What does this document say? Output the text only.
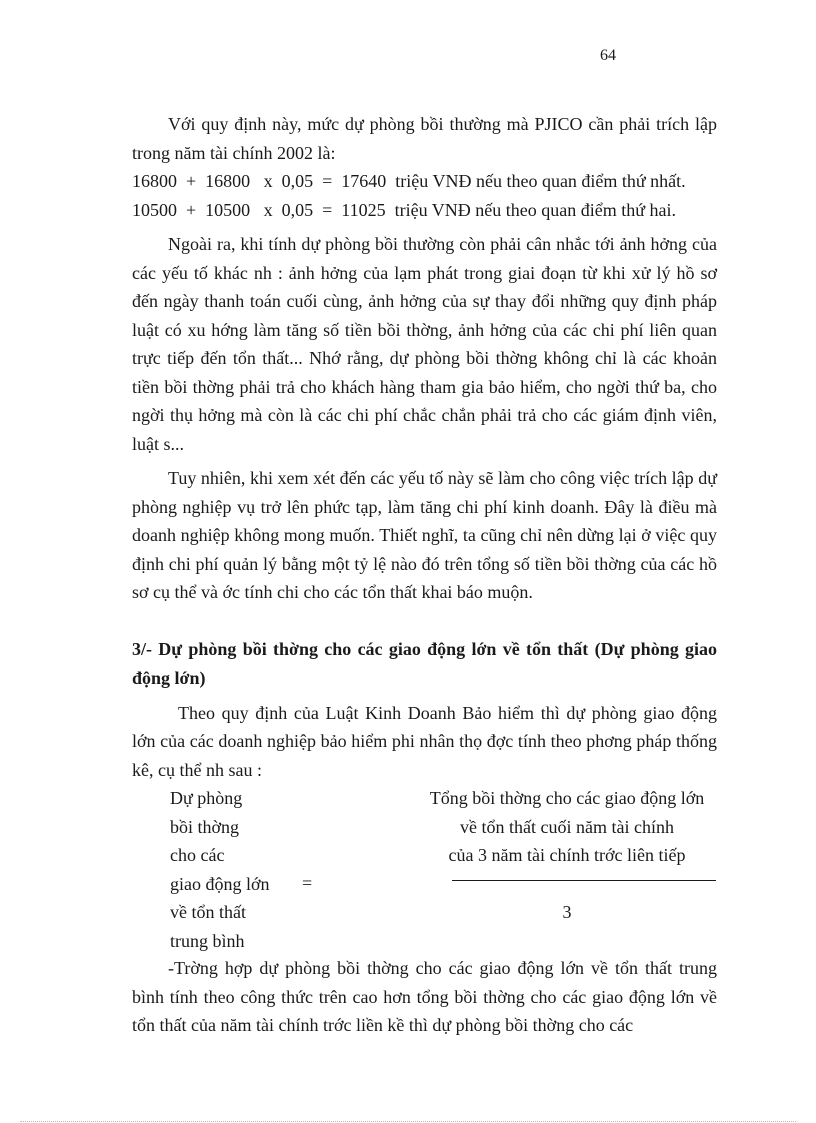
64

Với quy định này, mức dự phòng bồi thường mà PJICO cần phải trích lập trong năm tài chính 2002 là:

16800  +  16800   x  0,05  =  17640  triệu VNĐ nếu theo quan điểm thứ nhất.

10500  +  10500   x  0,05  =  11025  triệu VNĐ nếu theo quan điểm thứ hai.

Ngoài ra, khi tính dự phòng bồi thường còn phải cân nhắc tới ảnh hởng của các yếu tố khác nh : ảnh hởng của lạm phát trong giai đoạn từ khi xử lý hồ sơ đến ngày thanh toán cuối cùng, ảnh hởng của sự thay đổi những quy định pháp luật có xu hớng làm tăng số tiền bồi thờng, ảnh hởng của các chi phí liên quan trực tiếp đến tổn thất... Nhớ rằng, dự phòng bồi thờng không chỉ là các khoản tiền bồi thờng phải trả cho khách hàng tham gia bảo hiểm, cho ngời thứ ba, cho ngời thụ hởng mà còn là các chi phí chắc chắn phải trả cho các giám định viên, luật s...

Tuy nhiên, khi xem xét đến các yếu tố này sẽ làm cho công việc trích lập dự phòng nghiệp vụ trở lên phức tạp, làm tăng chi phí kinh doanh. Đây là điều mà doanh nghiệp không mong muốn. Thiết nghĩ, ta cũng chỉ nên dừng lại ở việc quy định chi phí quản lý bằng một tỷ lệ nào đó trên tổng số tiền bồi thờng của các hồ sơ cụ thể và ớc tính chi cho các tổn thất khai báo muộn.

3/- Dự phòng bồi thờng cho các giao động lớn về tổn thất (Dự phòng giao động lớn)

Theo quy định của Luật Kinh Doanh Bảo hiểm thì dự phòng giao động lớn của các doanh nghiệp bảo hiểm phi nhân thọ đợc tính theo phơng pháp thống kê, cụ thể nh sau :

Dự phòng
bồi thờng
cho các
giao động lớn
về tổn thất
trung bình
=
Tổng bồi thờng cho các giao động lớn
về tổn thất cuối năm tài chính
của 3 năm tài chính trớc liên tiếp
3

-Trờng hợp dự phòng bồi thờng cho các giao động lớn về tổn thất trung bình tính theo công thức trên cao hơn tổng bồi thờng cho các giao động lớn về tổn thất của năm tài chính trớc liền kề thì dự phòng bồi thờng cho các
